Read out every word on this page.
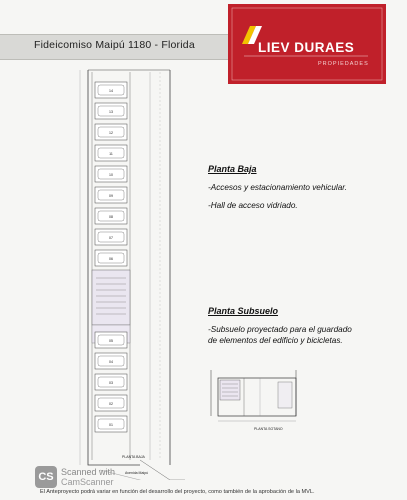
Fideicomiso Maipú 1180 - Florida	LIEV DURAES
PROPIEDADES
14
13
12
11
10
09
08
07
06
05
04
03
02
01
PLANTA BAJA
Avenida Maipú
Planta Baja

-Accesos y estacionamiento vehicular.

-Hall de acceso vidriado.

Planta Subsuelo

-Subsuelo proyectado para el guardado de elementos del edificio y bicicletas.

PLANTA SOTANO
CS Scanned with
CamScanner
El Anteproyecto podrá variar en función del desarrollo del proyecto, como también de la aprobación de la MVL.
